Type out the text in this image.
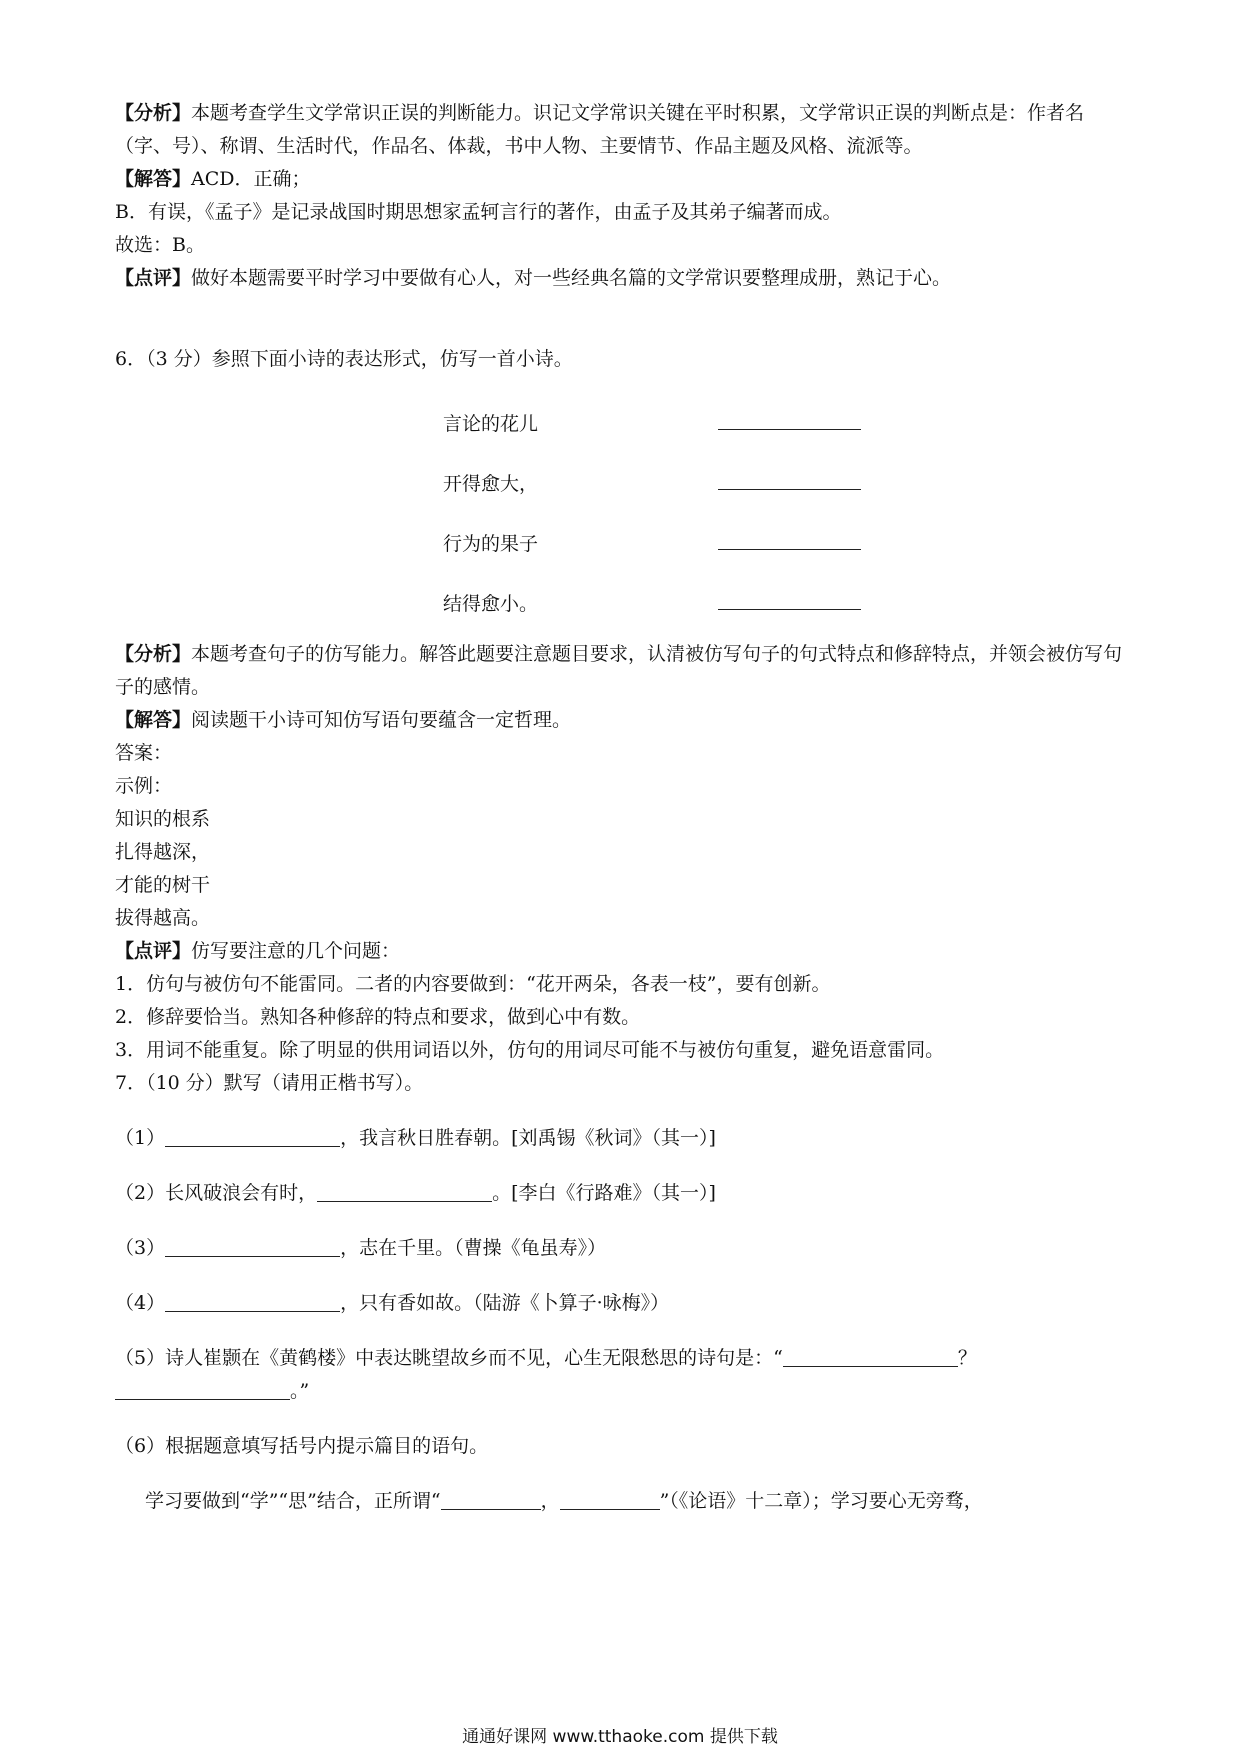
【分析】本题考查学生文学常识正误的判断能力。识记文学常识关键在平时积累，文学常识正误的判断点是：作者名（字、号）、称谓、生活时代，作品名、体裁，书中人物、主要情节、作品主题及风格、流派等。
【解答】ACD．正确；
B．有误，《孟子》是记录战国时期思想家孟轲言行的著作，由孟子及其弟子编著而成。
故选：B。
【点评】做好本题需要平时学习中要做有心人，对一些经典名篇的文学常识要整理成册，熟记于心。
6．（3 分）参照下面小诗的表达形式，仿写一首小诗。
言论的花儿
开得愈大，
行为的果子
结得愈小。
【分析】本题考查句子的仿写能力。解答此题要注意题目要求，认清被仿写句子的句式特点和修辞特点，并领会被仿写句子的感情。
【解答】阅读题干小诗可知仿写语句要蕴含一定哲理。
答案：
示例：
知识的根系
扎得越深，
才能的树干
拔得越高。
【点评】仿写要注意的几个问题：
1．仿句与被仿句不能雷同。二者的内容要做到：“花开两朵，各表一枝”，要有创新。
2．修辞要恰当。熟知各种修辞的特点和要求，做到心中有数。
3．用词不能重复。除了明显的供用词语以外，仿句的用词尽可能不与被仿句重复，避免语意雷同。
7．（10 分）默写（请用正楷书写）。
（1）	，我言秋日胜春朝。[刘禹锡《秋词》（其一）]
（2）长风破浪会有时，	。[李白《行路难》（其一）]
（3）	，志在千里。（曹操《龟虽寿》）
（4）	，只有香如故。（陆游《卜算子·咏梅》）
（5）诗人崔颢在《黄鹤楼》中表达眺望故乡而不见，心生无限愁思的诗句是：“	？
。”
（6）根据题意填写括号内提示篇目的语句。
学习要做到“学”“思”结合，正所谓“	，	”（《论语》十二章）；学习要心无旁骛，
通通好课网 www.tthaoke.com 提供下载
